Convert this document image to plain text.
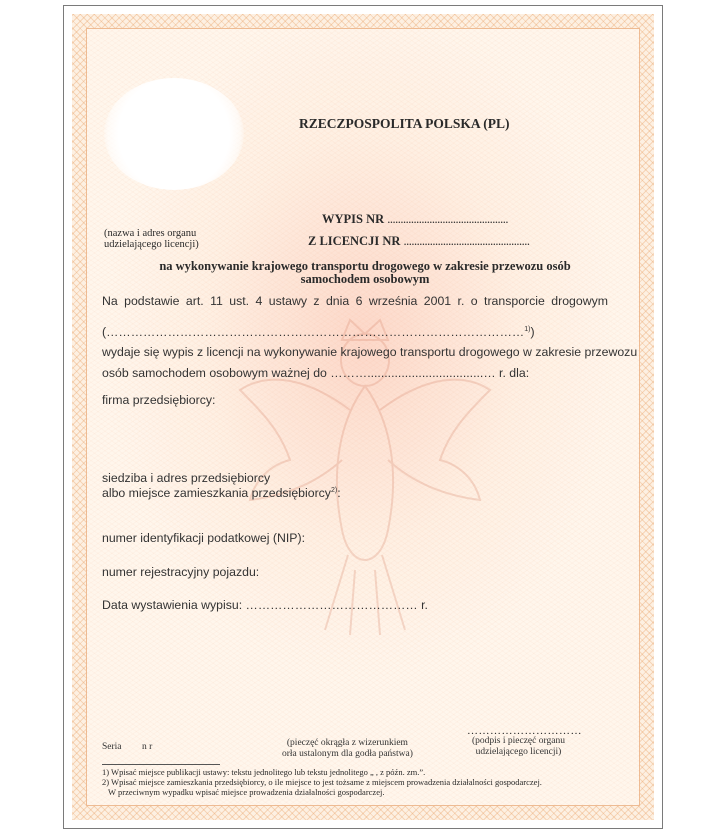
RZECZPOSPOLITA POLSKA (PL)
(nazwa i adres organu
udzielającego licencji)
WYPIS NR ..............................................
Z LICENCJI NR ................................................
na wykonywanie krajowego transportu drogowego w zakresie przewozu osób
samochodem osobowym
Na podstawie art. 11 ust. 4 ustawy z dnia 6 września 2001 r. o transporcie drogowym
(…………………………………………………………………………………………$^{1)}$)
wydaje się wypis z licencji na wykonywanie krajowego transportu drogowego w zakresie przewozu
osób samochodem osobowym ważnej do ………..................................… r. dla:
firma przedsiębiorcy:
siedziba i adres przedsiębiorcy
albo miejsce zamieszkania przedsiębiorcy$^{2)}$:
numer identyfikacji podatkowej (NIP):
numer rejestracyjny pojazdu:
Data wystawienia wypisu: …………………………………… r.
Seria n r	(pieczęć okrągła z wizerunkiem
orła ustalonym dla godła państwa)
…………………………
(podpis i pieczęć organu
udzielającego licencji)
1) Wpisać miejsce publikacji ustawy: tekstu jednolitego lub tekstu jednolitego „ , z późn. zm.”.
2) Wpisać miejsce zamieszkania przedsiębiorcy, o ile miejsce to jest tożsame z miejscem prowadzenia działalności gospodarczej.
W przeciwnym wypadku wpisać miejsce prowadzenia działalności gospodarczej.
